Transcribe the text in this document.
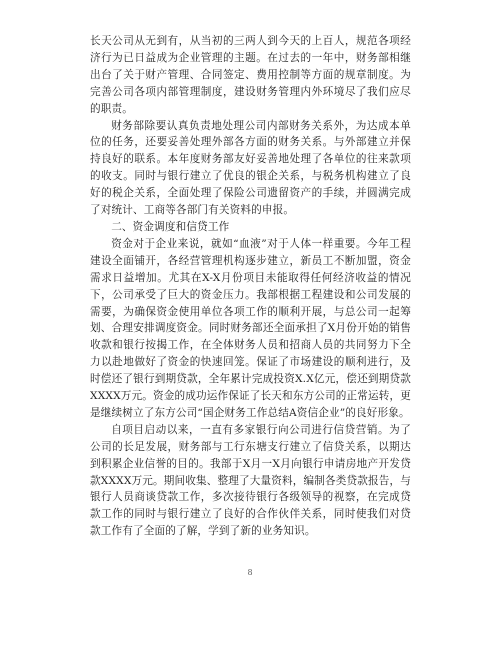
长天公司从无到有，从当初的三两人到今天的上百人，规范各项经济行为已日益成为企业管理的主题。在过去的一年中，财务部相继出台了关于财产管理、合同签定、费用控制等方面的规章制度。为完善公司各项内部管理制度，建设财务管理内外环境尽了我们应尽的职责。

财务部除要认真负责地处理公司内部财务关系外，为达成本单位的任务，还要妥善处理外部各方面的财务关系。与外部建立并保持良好的联系。本年度财务部友好妥善地处理了各单位的往来款项的收支。同时与银行建立了优良的银企关系，与税务机构建立了良好的税企关系，全面处理了保险公司遗留资产的手续，并圆满完成了对统计、工商等各部门有关资料的申报。

二、资金调度和信贷工作

资金对于企业来说，就如“血液”对于人体一样重要。今年工程建设全面铺开，各经营管理机构逐步建立，新员工不断加盟，资金需求日益增加。尤其在X-X月份项目未能取得任何经济收益的情况下，公司承受了巨大的资金压力。我部根据工程建设和公司发展的需要，为确保资金使用单位各项工作的顺利开展，与总公司一起筹划、合理安排调度资金。同时财务部还全面承担了X月份开始的销售收款和银行按揭工作，在全体财务人员和招商人员的共同努力下全力以赴地做好了资金的快速回笼。保证了市场建设的顺利进行，及时偿还了银行到期贷款，全年累计完成投资X.X亿元，偿还到期贷款XXXX万元。资金的成功运作保证了长天和东方公司的正常运转，更是继续树立了东方公司“国企财务工作总结A资信企业”的良好形象。

自项目启动以来，一直有多家银行向公司进行信贷营销。为了公司的长足发展，财务部与工行东塘支行建立了信贷关系，以期达到积累企业信誉的目的。我部于X月一X月向银行申请房地产开发贷款XXXX万元。期间收集、整理了大量资料，编制各类贷款报告，与银行人员商谈贷款工作，多次接待银行各级领导的视察，在完成贷款工作的同时与银行建立了良好的合作伙伴关系，同时使我们对贷款工作有了全面的了解，学到了新的业务知识。

8
